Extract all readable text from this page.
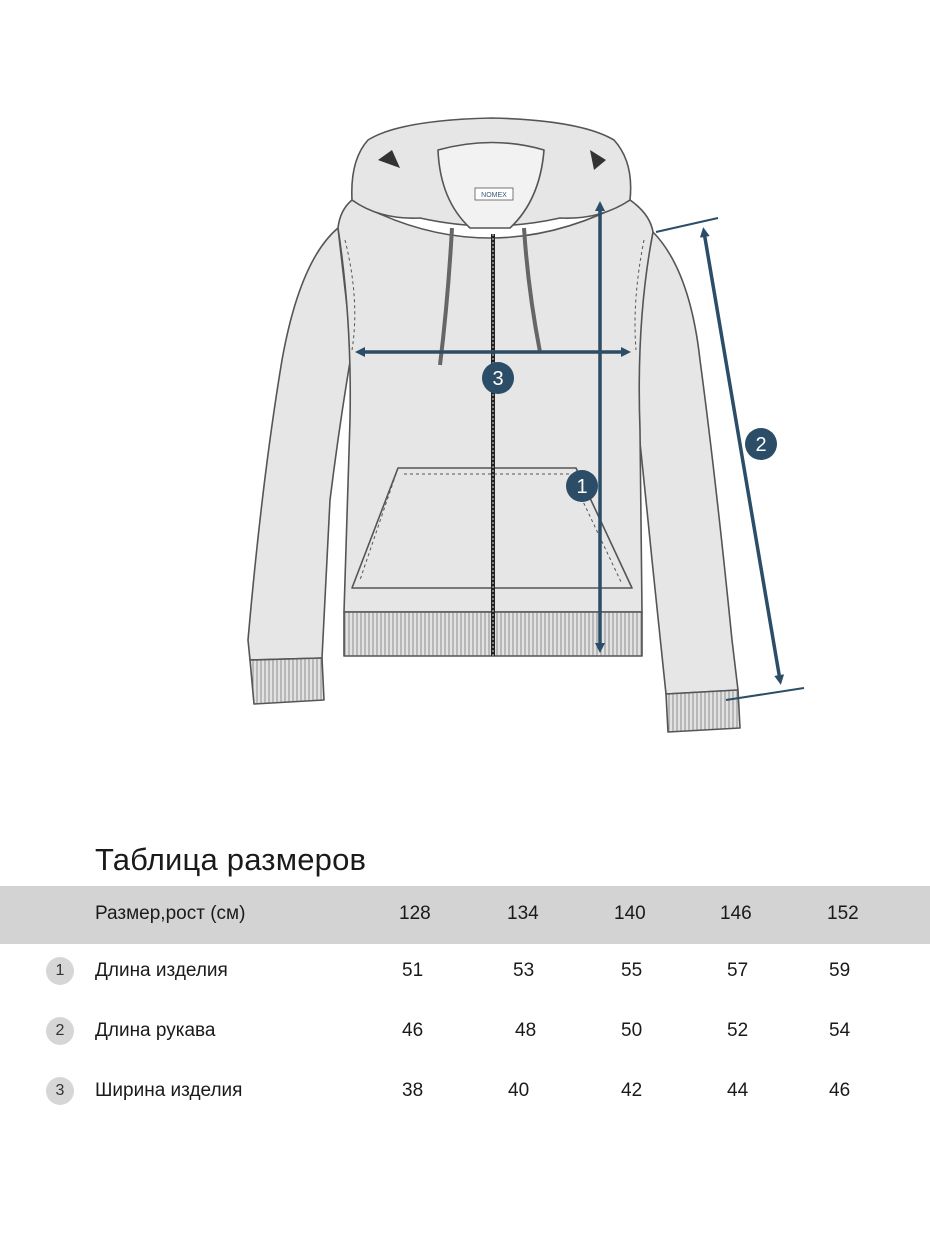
NOMEX
1
2
3
Таблица размеров
Размер,рост (см)	128	134	140	146	152
1 Длина изделия	51	53	55	57	59
2 Длина рукава	46	48	50	52	54
3 Ширина изделия	38	40	42	44	46
